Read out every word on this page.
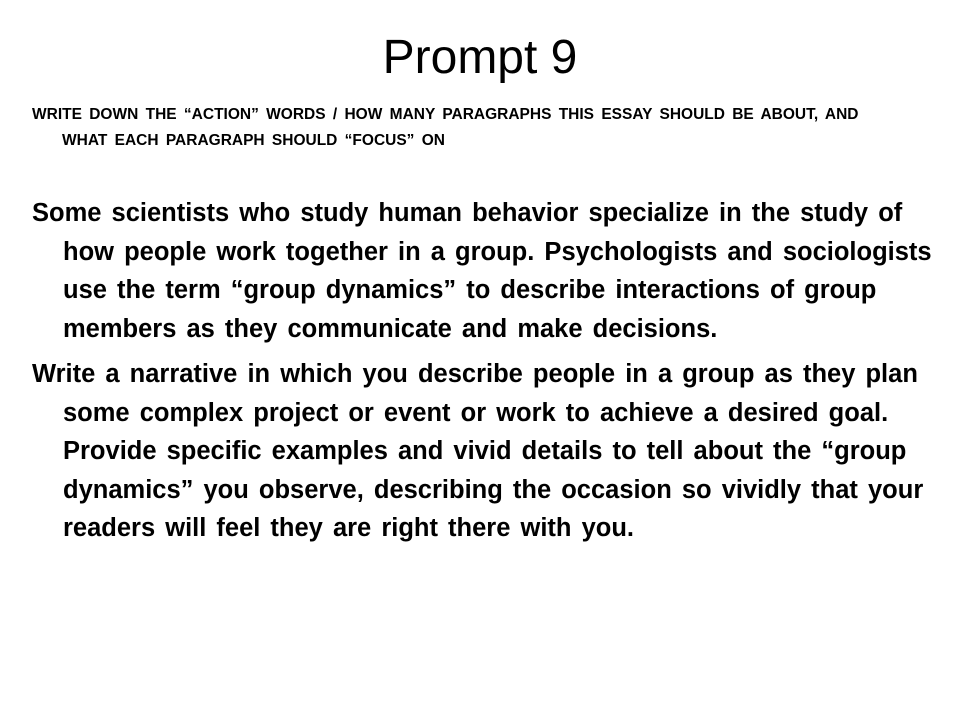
Prompt 9
WRITE DOWN THE “ACTION” WORDS / HOW MANY PARAGRAPHS THIS ESSAY SHOULD BE ABOUT, AND WHAT EACH PARAGRAPH SHOULD “FOCUS” ON

Some scientists who study human behavior specialize in the study of how people work together in a group. Psychologists and sociologists use the term “group dynamics” to describe interactions of group members as they communicate and make decisions.

Write a narrative in which you describe people in a group as they plan some complex project or event or work to achieve a desired goal. Provide specific examples and vivid details to tell about the “group dynamics” you observe, describing the occasion so vividly that your readers will feel they are right there with you.
